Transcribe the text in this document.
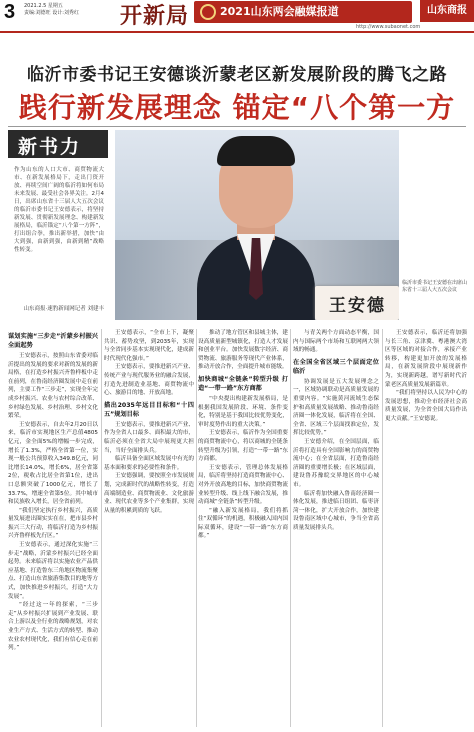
3 2021.2.5 星期五
责编:刘德旺 设计:刘秀红 开新局	2021山东两会融媒报道	山东商报
http://www.subaonet.com
临沂市委书记王安德谈沂蒙老区新发展阶段的腾飞之路
践行新发展理念 锚定“八个第一方
新书力
作为山东的人口大市、商贸物流大市、在新发展格局下，走出门资开放、再续空间广阔的临沂将如何布局未来发展、最受社会各界关注。2月4日，出席山东省十三届人大五次会议的临沂市委书记王安德表示，将坚持新发展、贯彻新发展理念、构建新发展格局，临沂锚定“八个第一方阵”，打出组合拳，推出新举措，加快“由大到强，由新到强，由新到精”战略性转变。
山东商报·速豹新闻网记者 刘建丰	王安德
临沂市委书记王安德在出席山东省十三届人大五次会议
谋划实施“三步走”沂蒙乡村振兴全面起势

王安德表示，按照山东省委对临沂提出的发展的要求对新的发展的新局格，在打造乡村振兴齐鲁样板中走在前列，在鲁南经济圈发展中走在前列，主要工作“三步走”，实现全年完成乡村振兴、农业与农村综合改革、乡村绿色发展、乡村治理、乡村文化繁荣。

王安德表示，自去年2月20日以来，临沂市实现地区生产总值4805亿元，金全面5%的增幅一步完成，增长了1.3%，严格全省第一位，实现一般公共预算收入349.8亿元，同比增长14.0%，增长6%，居全省第2位，税收占比居全省第1位，进出口总额突破了1000亿元，增长了33.7%，增速全省第5位。其中城市和民族收入增长，居全省前列。

“我们坚定执行乡村振兴，高质量发展进出圈实实在在，把市县乡村振兴三大行动，将临沂打造为乡村振兴齐鲁样板先行区。”

王安德表示，通过深化实施“三步走”战略，沂蒙乡村振兴已经全面起势。未来临沂将以实施农业产品供应基地、打造鲁东三角地区物流集聚点、打造山东省旅游集散目的地等方式，加快推进乡村振兴，打造“大力发展”。

“经过这一年的探索，“三步走”从乡村振兴扩展到产业发展、联合上游以及全行业的战略规划，对农业生产方式、生活方式的转型、推动农业农村现代化，我们有信心走在前列。”

王安德表示，“全市上下，凝聚共识、蓄势攻坚，到2035年，实现与全省同步基本实现现代化，建成新时代现代化强市。”

王安德表示，要推进新兴产业、传统产业与现代服务业的融合发展，打造先进制造业基地、商贸物流中心、旅游目的地、开放高地。

描出2035年远目目标和“十四五”规划目标

王安德表示，要推进新兴产业、作为全省人口最多、面积最大的市，临沂必须在全省大局中展现更大担当，当好全面排头兵。

临沂具备全面区域发展中有光的基本面和要求的必要性和条件。

王安德强调，要按照全市发展规划，完成新时代的战略性转变，打造高端制造业、商贸物流业、文化旅游业、现代农业等多个产业集群，实现从量的积累到质的飞跃。

推动了地方管区和县城主体，建设高质量新型城镇化，打造人才发展和创业平台。加快发展数字经济、商贸物流、旅游服务等现代产业体系，推动开放合作，全面提升城市能级。

加快商城“全链条”转型升级 打造“一带一路”东方商都

“中央提出构建新发展格局，是根据我国发展阶段、环境、条件变化，特别是基于我国比较优势变化，审时度势作出的重大决策。”

王安德表示，临沂作为全国重要的商贸物流中心，将以商城的全链条转型升级为引领，打造“一带一路”东方商都。

王安德表示，管理总体发展格局，临沂将坚持打造商贸物流中心、对外开放高地的目标，加快商贸物流业转型升级、线上线下融合发展，推动商城“全链条”转型升级。

“融入新发展格局，我们将抓住“双循环”的机遇，积极融入国内国际双循环，建设“一带一路”东方商都。”

与青关两个方面动态平衡，国内与国际两个市场和互联网两大领域的畅通。

在全国全省区域三个层面定位临沂

协调发展是五大发展理念之一，区域协调联动是高质量发展的重要内容。“实施黄河流域生态保护和高质量发展战略、推动鲁南经济圈一体化发展，临沂将在全国、全省、区域三个层面找准定位，发挥比较优势。”

王安德介绍，在全国层面，临沂将打造具有全国影响力的商贸物流中心；在全省层面，打造鲁南经济圈的重要增长极；在区域层面，建设鲁苏豫皖交界地区的中心城市。

临沂将加快融入鲁南经济圈一体化发展，推进临日组团、临枣济菏一体化，扩大开放合作，加快建设鲁南区域中心城市，争当全省高质量发展排头兵。

王安德表示，临沂还将加强与长三角、京津冀、粤港澳大湾区等区域的对接合作，承接产业转移，构建更加开放的发展格局，在新发展阶段中展现新作为，实现新跨越，谱写新时代沂蒙老区高质量发展新篇章。

“我们将坚持以人民为中心的发展思想，推动全市经济社会高质量发展，为全省全国大局作出更大贡献。”王安德说。
